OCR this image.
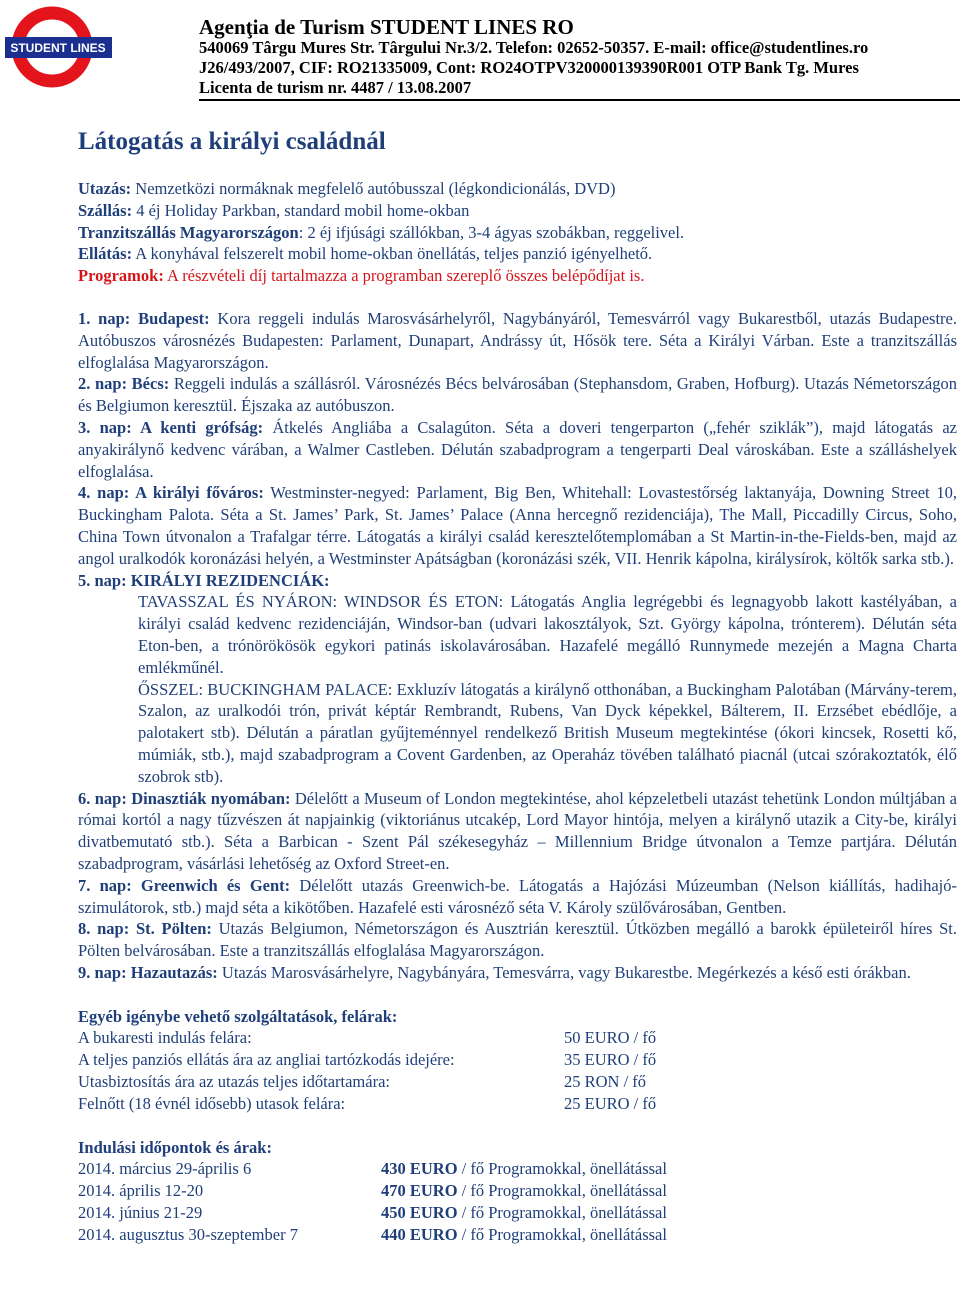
STUDENT LINES
Agenţia de Turism STUDENT LINES RO
540069 Târgu Mures Str. Târgului Nr.3/2. Telefon: 02652-50357. E-mail: office@studentlines.ro
J26/493/2007, CIF: RO21335009, Cont: RO24OTPV320000139390R001 OTP Bank Tg. Mures
Licenta de turism nr. 4487 / 13.08.2007
Látogatás a királyi családnál

Utazás: Nemzetközi normáknak megfelelő autóbusszal (légkondicionálás, DVD)

Szállás: 4 éj Holiday Parkban, standard mobil home-okban

Tranzitszállás Magyarországon: 2 éj ifjúsági szállókban, 3-4 ágyas szobákban, reggelivel.

Ellátás: A konyhával felszerelt mobil home-okban önellátás, teljes panzió igényelhető.

Programok: A részvételi díj tartalmazza a programban szereplő összes belépődíjat is.

1. nap: Budapest: Kora reggeli indulás Marosvásárhelyről, Nagybányáról, Temesvárról vagy Bukarestből, utazás Budapestre. Autóbuszos városnézés Budapesten: Parlament, Dunapart, Andrássy út, Hősök tere. Séta a Királyi Várban. Este a tranzitszállás elfoglalása Magyarországon.

2. nap: Bécs: Reggeli indulás a szállásról. Városnézés Bécs belvárosában (Stephansdom, Graben, Hofburg). Utazás Németországon és Belgiumon keresztül. Éjszaka az autóbuszon.

3. nap: A kenti grófság: Átkelés Angliába a Csalagúton. Séta a doveri tengerparton („fehér sziklák”), majd látogatás az anyakirálynő kedvenc várában, a Walmer Castleben. Délután szabadprogram a tengerparti Deal városkában. Este a szálláshelyek elfoglalása.

4. nap: A királyi főváros: Westminster-negyed: Parlament, Big Ben, Whitehall: Lovastestőrség laktanyája, Downing Street 10, Buckingham Palota. Séta a St. James’ Park, St. James’ Palace (Anna hercegnő rezidenciája), The Mall, Piccadilly Circus, Soho, China Town útvonalon a Trafalgar térre. Látogatás a királyi család keresztelőtemplomában a St Martin-in-the-Fields-ben, majd az angol uralkodók koronázási helyén, a Westminster Apátságban (koronázási szék, VII. Henrik kápolna, királysírok, költők sarka stb.).

5. nap: KIRÁLYI REZIDENCIÁK:

TAVASSZAL ÉS NYÁRON: WINDSOR ÉS ETON: Látogatás Anglia legrégebbi és legnagyobb lakott kastélyában, a királyi család kedvenc rezidenciáján, Windsor-ban (udvari lakosztályok, Szt. György kápolna, trónterem). Délután séta Eton-ben, a trónörökösök egykori patinás iskolavárosában. Hazafelé megálló Runnymede mezején a Magna Charta emlékműnél.

ŐSSZEL: BUCKINGHAM PALACE: Exkluzív látogatás a királynő otthonában, a Buckingham Palotában (Márvány-terem, Szalon, az uralkodói trón, privát képtár Rembrandt, Rubens, Van Dyck képekkel, Bálterem, II. Erzsébet ebédlője, a palotakert stb). Délután a páratlan gyűjteménnyel rendelkező British Museum megtekintése (ókori kincsek, Rosetti kő, múmiák, stb.), majd szabadprogram a Covent Gardenben, az Operaház tövében található piacnál (utcai szórakoztatók, élő szobrok stb).

6. nap: Dinasztiák nyomában: Délelőtt a Museum of London megtekintése, ahol képzeletbeli utazást tehetünk London múltjában a római kortól a nagy tűzvészen át napjainkig (viktoriánus utcakép, Lord Mayor hintója, melyen a királynő utazik a City-be, királyi divatbemutató stb.). Séta a Barbican - Szent Pál székesegyház – Millennium Bridge útvonalon a Temze partjára. Délután szabadprogram, vásárlási lehetőség az Oxford Street-en.

7. nap: Greenwich és Gent: Délelőtt utazás Greenwich-be. Látogatás a Hajózási Múzeumban (Nelson kiállítás, hadihajó-szimulátorok, stb.) majd séta a kikötőben. Hazafelé esti városnéző séta V. Károly szülővárosában, Gentben.

8. nap: St. Pölten: Utazás Belgiumon, Németországon és Ausztrián keresztül. Útközben megálló a barokk épületeiről híres St. Pölten belvárosában. Este a tranzitszállás elfoglalása Magyarországon.

9. nap: Hazautazás: Utazás Marosvásárhelyre, Nagybányára, Temesvárra, vagy Bukarestbe. Megérkezés a késő esti órákban.

Egyéb igénybe vehető szolgáltatások, felárak:
A bukaresti indulás felára:	50 EURO / fő
A teljes panziós ellátás ára az angliai tartózkodás idejére:	35 EURO / fő
Utasbiztosítás ára az utazás teljes időtartamára:	25 RON / fő
Felnőtt (18 évnél idősebb) utasok felára:	25 EURO / fő
Indulási időpontok és árak:
2014. március 29-április 6	430 EURO / fő Programokkal, önellátással
2014. április 12-20	470 EURO / fő Programokkal, önellátással
2014. június 21-29	450 EURO / fő Programokkal, önellátással
2014. augusztus 30-szeptember 7	440 EURO / fő Programokkal, önellátással
